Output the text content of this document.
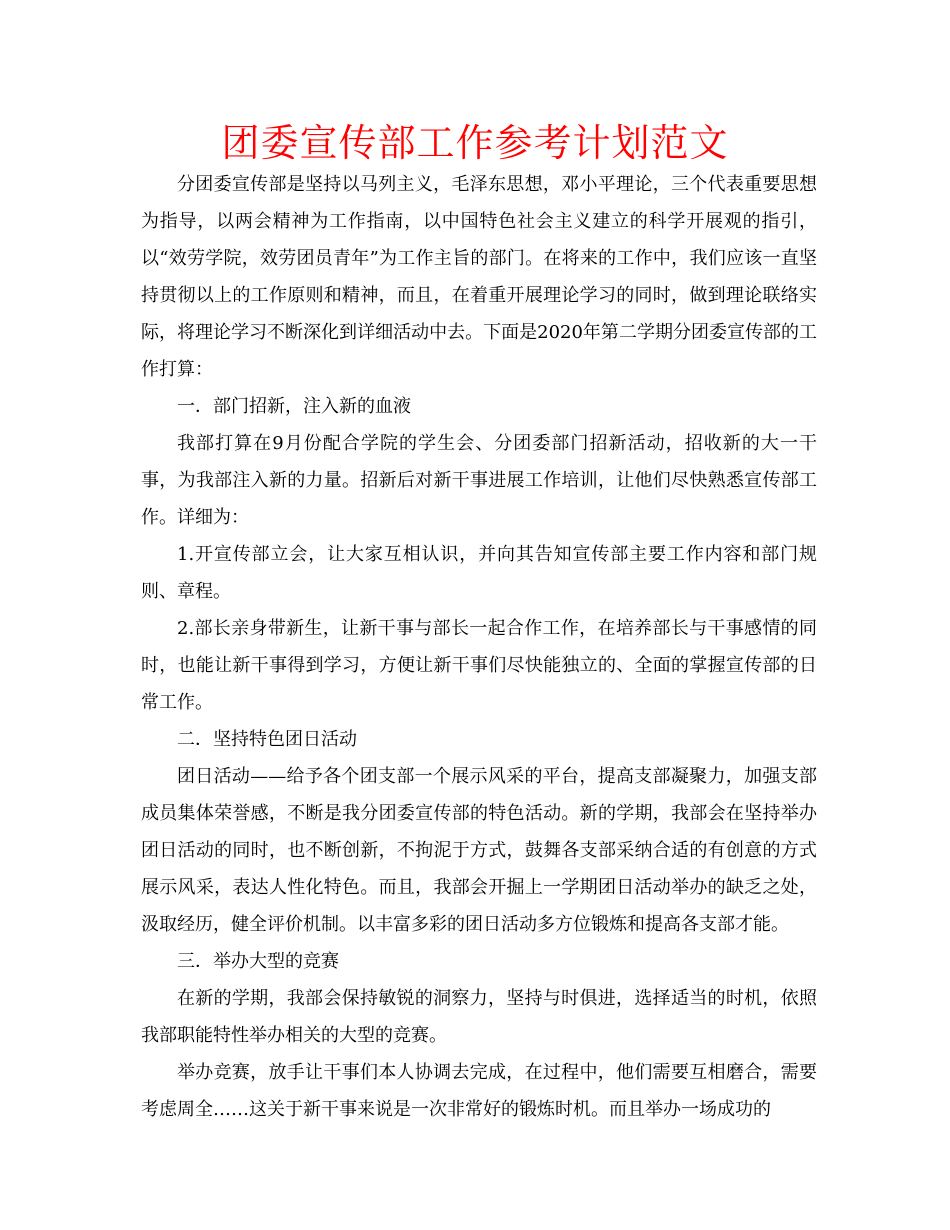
团委宣传部工作参考计划范文

分团委宣传部是坚持以马列主义，毛泽东思想，邓小平理论，三个代表重要思想为指导，以两会精神为工作指南，以中国特色社会主义建立的科学开展观的指引，以“效劳学院，效劳团员青年”为工作主旨的部门。在将来的工作中，我们应该一直坚持贯彻以上的工作原则和精神，而且，在着重开展理论学习的同时，做到理论联络实际，将理论学习不断深化到详细活动中去。下面是2020年第二学期分团委宣传部的工作打算：

一．部门招新，注入新的血液

我部打算在9月份配合学院的学生会、分团委部门招新活动，招收新的大一干事，为我部注入新的力量。招新后对新干事进展工作培训，让他们尽快熟悉宣传部工作。详细为：

1.开宣传部立会，让大家互相认识，并向其告知宣传部主要工作内容和部门规则、章程。

2.部长亲身带新生，让新干事与部长一起合作工作，在培养部长与干事感情的同时，也能让新干事得到学习，方便让新干事们尽快能独立的、全面的掌握宣传部的日常工作。

二．坚持特色团日活动

团日活动——给予各个团支部一个展示风采的平台，提高支部凝聚力，加强支部成员集体荣誉感，不断是我分团委宣传部的特色活动。新的学期，我部会在坚持举办团日活动的同时，也不断创新，不拘泥于方式，鼓舞各支部采纳合适的有创意的方式展示风采，表达人性化特色。而且，我部会开掘上一学期团日活动举办的缺乏之处，汲取经历，健全评价机制。以丰富多彩的团日活动多方位锻炼和提高各支部才能。

三．举办大型的竞赛

在新的学期，我部会保持敏锐的洞察力，坚持与时俱进，选择适当的时机，依照我部职能特性举办相关的大型的竞赛。

举办竞赛，放手让干事们本人协调去完成，在过程中，他们需要互相磨合，需要考虑周全……这关于新干事来说是一次非常好的锻炼时机。而且举办一场成功的
